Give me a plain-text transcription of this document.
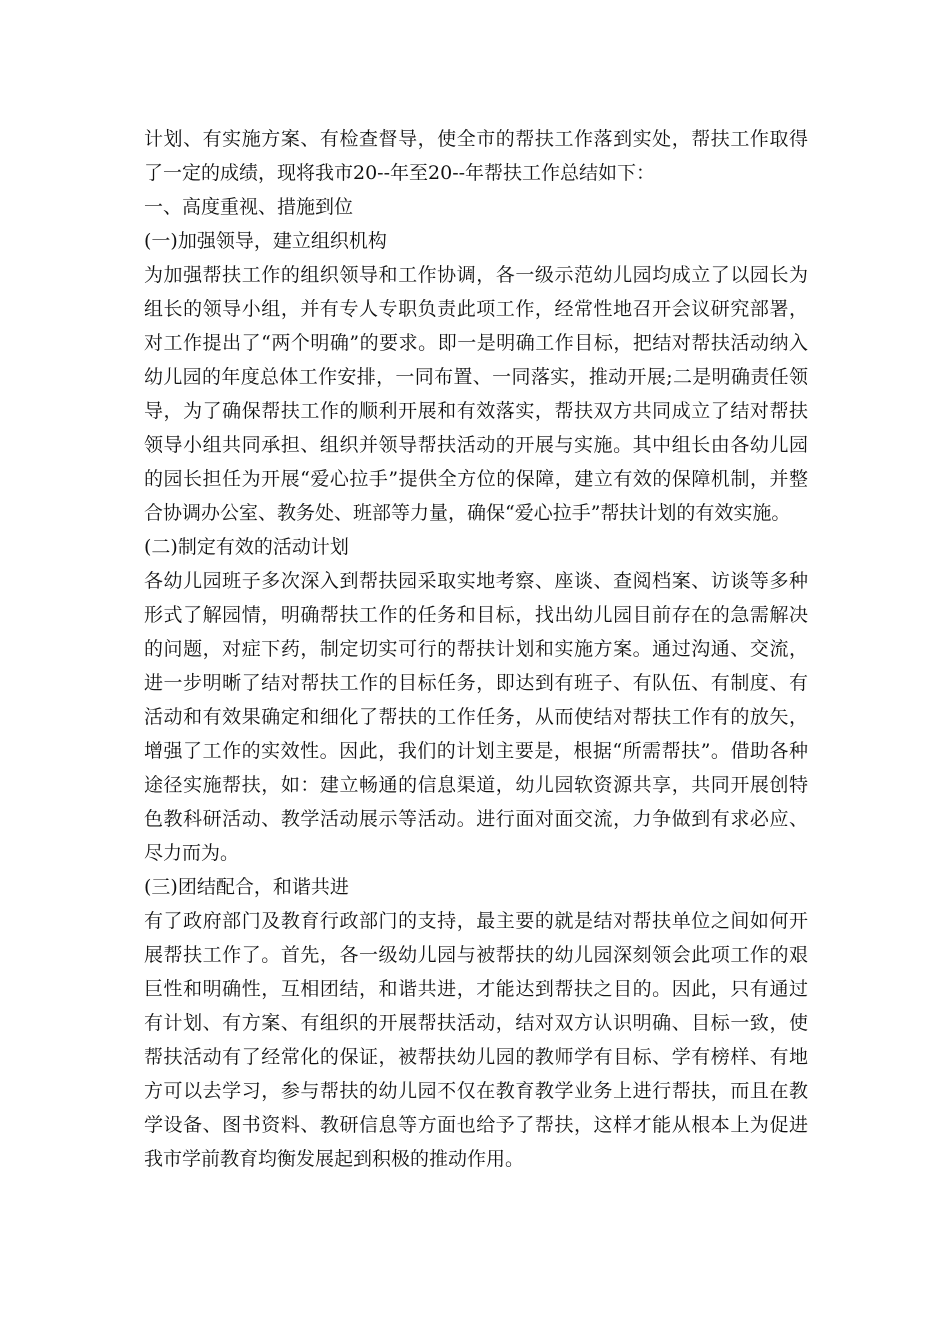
计划、有实施方案、有检查督导，使全市的帮扶工作落到实处，帮扶工作取得了一定的成绩，现将我市20--年至20--年帮扶工作总结如下：

一、高度重视、措施到位

(一)加强领导，建立组织机构

为加强帮扶工作的组织领导和工作协调，各一级示范幼儿园均成立了以园长为组长的领导小组，并有专人专职负责此项工作，经常性地召开会议研究部署，对工作提出了“两个明确”的要求。即一是明确工作目标，把结对帮扶活动纳入幼儿园的年度总体工作安排，一同布置、一同落实，推动开展;二是明确责任领导，为了确保帮扶工作的顺利开展和有效落实，帮扶双方共同成立了结对帮扶领导小组共同承担、组织并领导帮扶活动的开展与实施。其中组长由各幼儿园的园长担任为开展“爱心拉手”提供全方位的保障，建立有效的保障机制，并整合协调办公室、教务处、班部等力量，确保“爱心拉手”帮扶计划的有效实施。

(二)制定有效的活动计划

各幼儿园班子多次深入到帮扶园采取实地考察、座谈、查阅档案、访谈等多种形式了解园情，明确帮扶工作的任务和目标，找出幼儿园目前存在的急需解决的问题，对症下药，制定切实可行的帮扶计划和实施方案。通过沟通、交流，进一步明晰了结对帮扶工作的目标任务，即达到有班子、有队伍、有制度、有活动和有效果确定和细化了帮扶的工作任务，从而使结对帮扶工作有的放矢，增强了工作的实效性。因此，我们的计划主要是，根据“所需帮扶”。借助各种途径实施帮扶，如：建立畅通的信息渠道，幼儿园软资源共享，共同开展创特色教科研活动、教学活动展示等活动。进行面对面交流，力争做到有求必应、尽力而为。

(三)团结配合，和谐共进

有了政府部门及教育行政部门的支持，最主要的就是结对帮扶单位之间如何开展帮扶工作了。首先，各一级幼儿园与被帮扶的幼儿园深刻领会此项工作的艰巨性和明确性，互相团结，和谐共进，才能达到帮扶之目的。因此，只有通过有计划、有方案、有组织的开展帮扶活动，结对双方认识明确、目标一致，使帮扶活动有了经常化的保证，被帮扶幼儿园的教师学有目标、学有榜样、有地方可以去学习，参与帮扶的幼儿园不仅在教育教学业务上进行帮扶，而且在教学设备、图书资料、教研信息等方面也给予了帮扶，这样才能从根本上为促进我市学前教育均衡发展起到积极的推动作用。
